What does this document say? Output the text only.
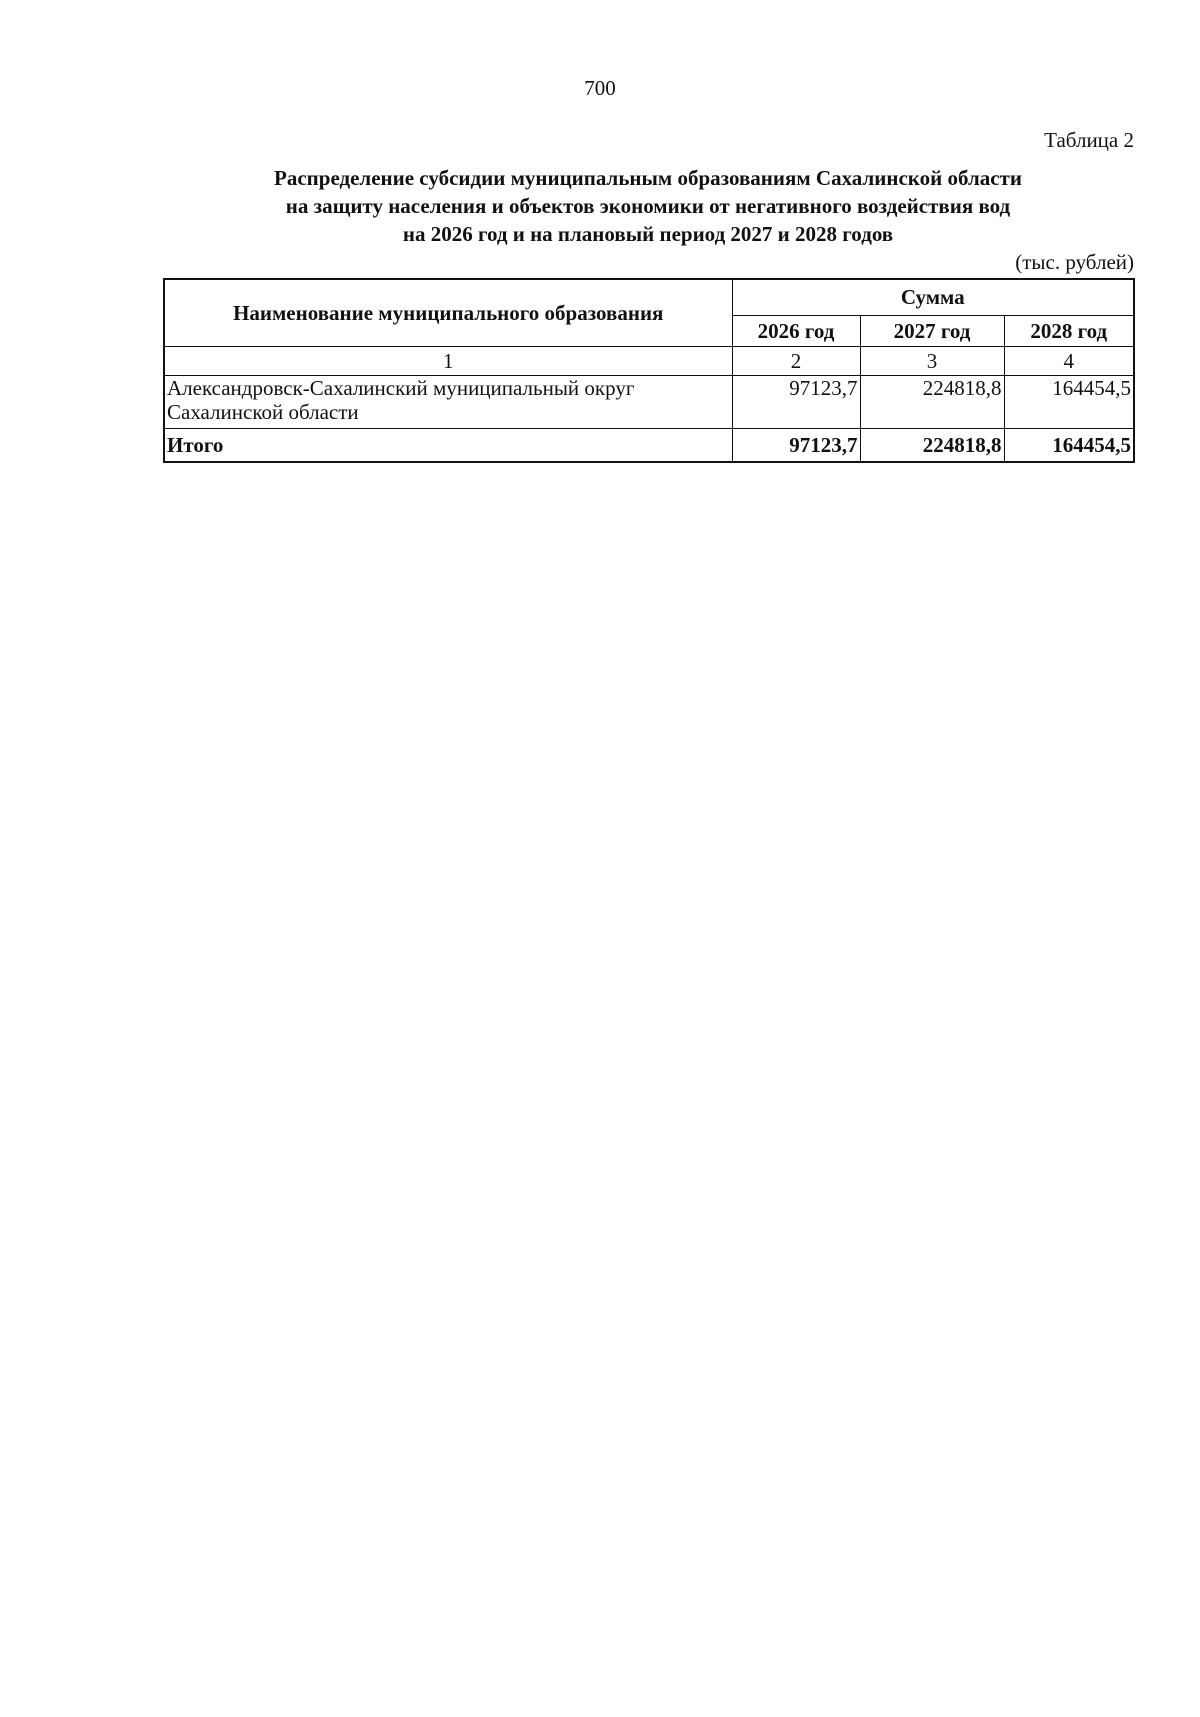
700
Таблица 2
Распределение субсидии муниципальным образованиям Сахалинской области
на защиту населения и объектов экономики от негативного воздействия вод
на 2026 год и на плановый период 2027 и 2028 годов
(тыс. рублей)
Наименование муниципального образования	Сумма		
	2026 год	2027 год	2028 год
1	2	3	4
Александровск-Сахалинский муниципальный округ Сахалинской области	97123,7	224818,8	164454,5
Итого	97123,7	224818,8	164454,5
